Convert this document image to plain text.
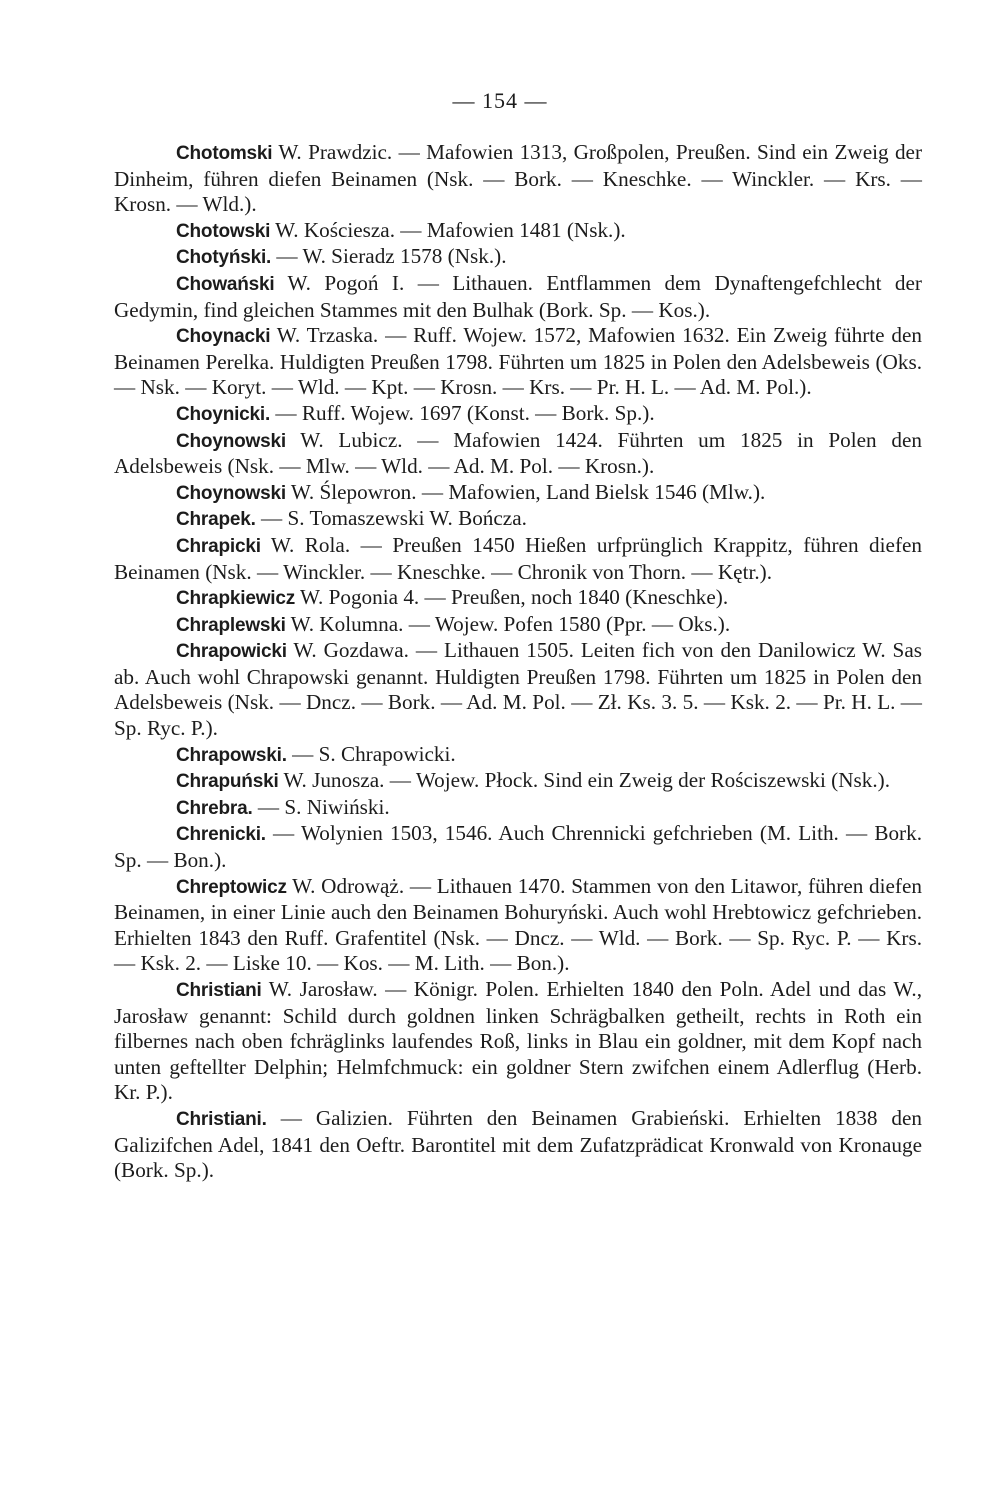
— 154 —

Chotomski W. Prawdzic. — Mafowien 1313, Großpolen, Preußen. Sind ein Zweig der Dinheim, führen diefen Beinamen (Nsk. — Bork. — Kneschke. — Winckler. — Krs. — Krosn. — Wld.).

Chotowski W. Kościesza. — Mafowien 1481 (Nsk.).

Chotyński. — W. Sieradz 1578 (Nsk.).

Chowański W. Pogoń I. — Lithauen. Entflammen dem Dynaftengefchlecht der Gedymin, find gleichen Stammes mit den Bulhak (Bork. Sp. — Kos.).

Choynacki W. Trzaska. — Ruff. Wojew. 1572, Mafowien 1632. Ein Zweig führte den Beinamen Perelka. Huldigten Preußen 1798. Führten um 1825 in Polen den Adelsbeweis (Oks. — Nsk. — Koryt. — Wld. — Kpt. — Krosn. — Krs. — Pr. H. L. — Ad. M. Pol.).

Choynicki. — Ruff. Wojew. 1697 (Konst. — Bork. Sp.).

Choynowski W. Lubicz. — Mafowien 1424. Führten um 1825 in Polen den Adelsbeweis (Nsk. — Mlw. — Wld. — Ad. M. Pol. — Krosn.).

Choynowski W. Ślepowron. — Mafowien, Land Bielsk 1546 (Mlw.).

Chrapek. — S. Tomaszewski W. Bończa.

Chrapicki W. Rola. — Preußen 1450 Hießen urfprünglich Krappitz, führen diefen Beinamen (Nsk. — Winckler. — Kneschke. — Chronik von Thorn. — Kętr.).

Chrapkiewicz W. Pogonia 4. — Preußen, noch 1840 (Kneschke).

Chraplewski W. Kolumna. — Wojew. Pofen 1580 (Ppr. — Oks.).

Chrapowicki W. Gozdawa. — Lithauen 1505. Leiten fich von den Danilowicz W. Sas ab. Auch wohl Chrapowski genannt. Huldigten Preußen 1798. Führten um 1825 in Polen den Adelsbeweis (Nsk. — Dncz. — Bork. — Ad. M. Pol. — Zł. Ks. 3. 5. — Ksk. 2. — Pr. H. L. — Sp. Ryc. P.).

Chrapowski. — S. Chrapowicki.

Chrapuński W. Junosza. — Wojew. Płock. Sind ein Zweig der Rościszewski (Nsk.).

Chrebra. — S. Niwiński.

Chrenicki. — Wolynien 1503, 1546. Auch Chrennicki gefchrieben (M. Lith. — Bork. Sp. — Bon.).

Chreptowicz W. Odrowąż. — Lithauen 1470. Stammen von den Litawor, führen diefen Beinamen, in einer Linie auch den Beinamen Bohuryński. Auch wohl Hrebtowicz gefchrieben. Erhielten 1843 den Ruff. Grafentitel (Nsk. — Dncz. — Wld. — Bork. — Sp. Ryc. P. — Krs. — Ksk. 2. — Liske 10. — Kos. — M. Lith. — Bon.).

Christiani W. Jarosław. — Königr. Polen. Erhielten 1840 den Poln. Adel und das W., Jarosław genannt: Schild durch goldnen linken Schrägbalken getheilt, rechts in Roth ein filbernes nach oben fchräglinks laufendes Roß, links in Blau ein goldner, mit dem Kopf nach unten geftellter Delphin; Helmfchmuck: ein goldner Stern zwifchen einem Adlerflug (Herb. Kr. P.).

Christiani. — Galizien. Führten den Beinamen Grabieński. Erhielten 1838 den Galizifchen Adel, 1841 den Oeftr. Barontitel mit dem Zufatzprädicat Kronwald von Kronauge (Bork. Sp.).
